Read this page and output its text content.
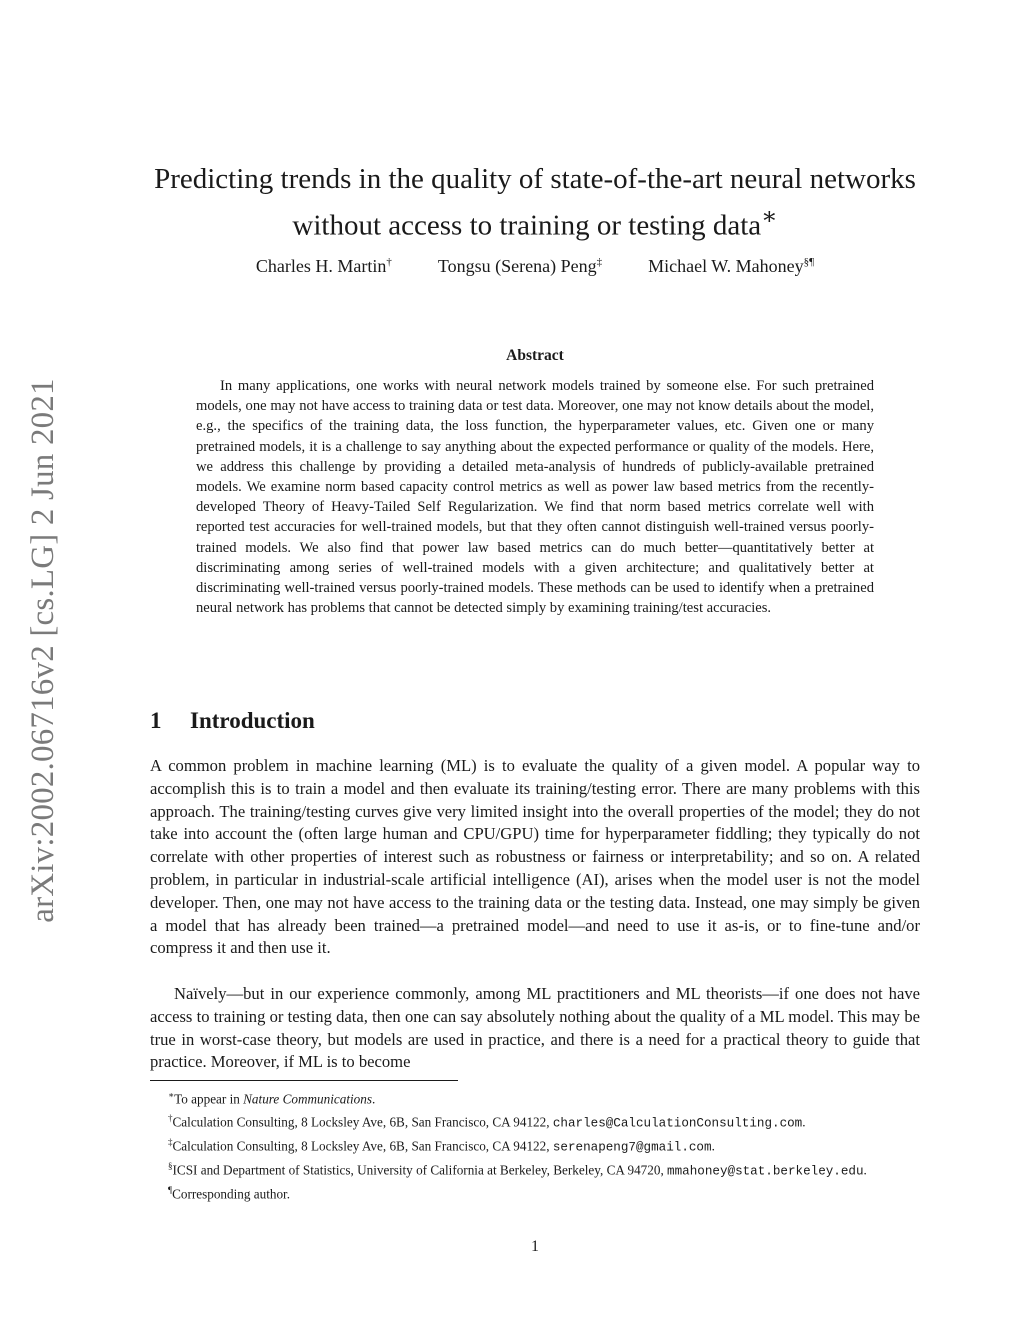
arXiv:2002.06716v2 [cs.LG] 2 Jun 2021
Predicting trends in the quality of state-of-the-art neural networks
without access to training or testing data∗
Charles H. Martin†	Tongsu (Serena) Peng‡	Michael W. Mahoney§¶
Abstract

In many applications, one works with neural network models trained by someone else. For such pretrained models, one may not have access to training data or test data. Moreover, one may not know details about the model, e.g., the specifics of the training data, the loss function, the hyperparameter values, etc. Given one or many pretrained models, it is a challenge to say anything about the expected performance or quality of the models. Here, we address this challenge by providing a detailed meta-analysis of hundreds of publicly-available pretrained models. We examine norm based capacity control metrics as well as power law based metrics from the recently-developed Theory of Heavy-Tailed Self Regularization. We find that norm based metrics correlate well with reported test accuracies for well-trained models, but that they often cannot distinguish well-trained versus poorly-trained models. We also find that power law based metrics can do much better—quantitatively better at discriminating among series of well-trained models with a given architecture; and qualitatively better at discriminating well-trained versus poorly-trained models. These methods can be used to identify when a pretrained neural network has problems that cannot be detected simply by examining training/test accuracies.

1 Introduction

A common problem in machine learning (ML) is to evaluate the quality of a given model. A popular way to accomplish this is to train a model and then evaluate its training/testing error. There are many problems with this approach. The training/testing curves give very limited insight into the overall properties of the model; they do not take into account the (often large human and CPU/GPU) time for hyperparameter fiddling; they typically do not correlate with other properties of interest such as robustness or fairness or interpretability; and so on. A related problem, in particular in industrial-scale artificial intelligence (AI), arises when the model user is not the model developer. Then, one may not have access to the training data or the testing data. Instead, one may simply be given a model that has already been trained—a pretrained model—and need to use it as-is, or to fine-tune and/or compress it and then use it.

Naïvely—but in our experience commonly, among ML practitioners and ML theorists—if one does not have access to training or testing data, then one can say absolutely nothing about the quality of a ML model. This may be true in worst-case theory, but models are used in practice, and there is a need for a practical theory to guide that practice. Moreover, if ML is to become

∗To appear in Nature Communications.

†Calculation Consulting, 8 Locksley Ave, 6B, San Francisco, CA 94122, charles@CalculationConsulting.com.

‡Calculation Consulting, 8 Locksley Ave, 6B, San Francisco, CA 94122, serenapeng7@gmail.com.

§ICSI and Department of Statistics, University of California at Berkeley, Berkeley, CA 94720, mmahoney@stat.berkeley.edu.

¶Corresponding author.

1
